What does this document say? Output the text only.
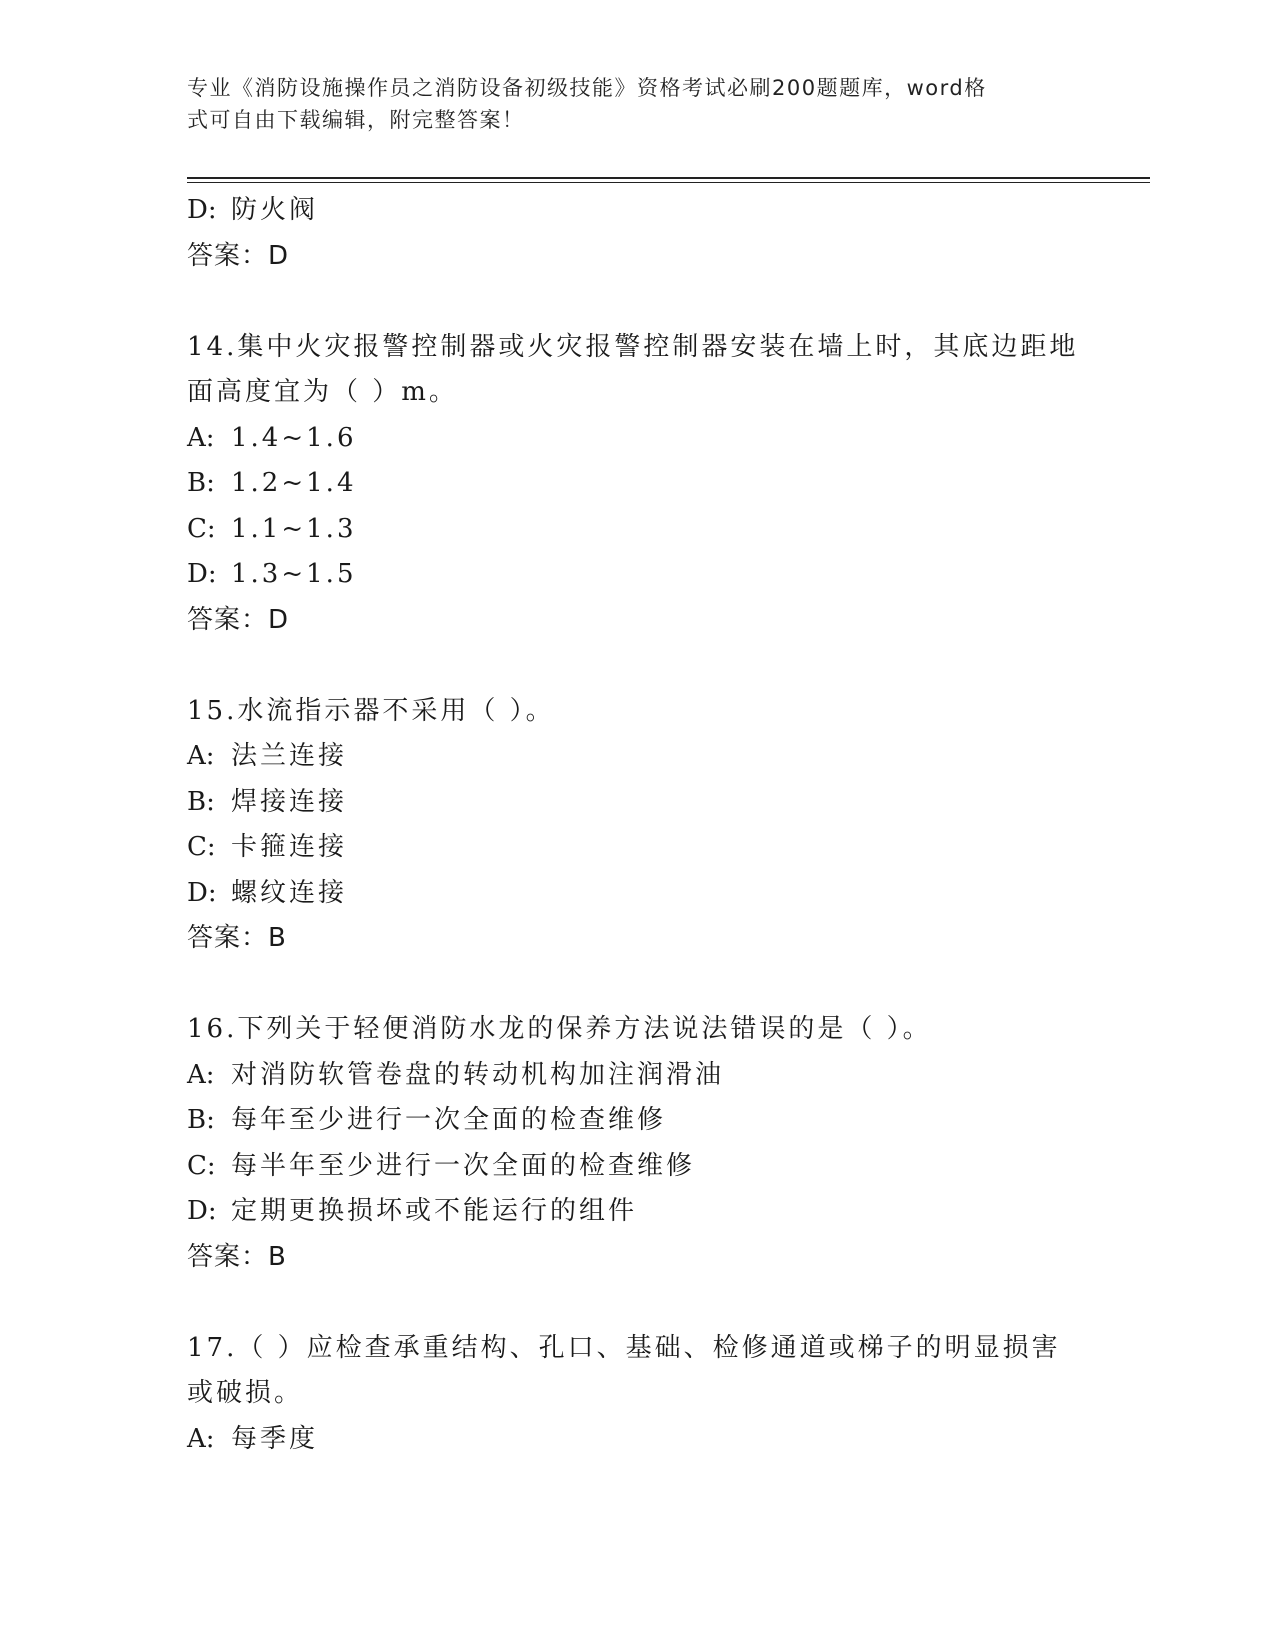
专业《消防设施操作员之消防设备初级技能》资格考试必刷200题题库，word格
式可自由下载编辑，附完整答案！
D: 防火阀
答案：D
14.集中火灾报警控制器或火灾报警控制器安装在墙上时，其底边距地
面高度宜为（ ）m。
A: 1.4~1.6
B: 1.2~1.4
C: 1.1~1.3
D: 1.3~1.5
答案：D
15.水流指示器不采用（ ）。
A: 法兰连接
B: 焊接连接
C: 卡箍连接
D: 螺纹连接
答案：B
16.下列关于轻便消防水龙的保养方法说法错误的是（ ）。
A: 对消防软管卷盘的转动机构加注润滑油
B: 每年至少进行一次全面的检查维修
C: 每半年至少进行一次全面的检查维修
D: 定期更换损坏或不能运行的组件
答案：B
17.（ ）应检查承重结构、孔口、基础、检修通道或梯子的明显损害
或破损。
A: 每季度
